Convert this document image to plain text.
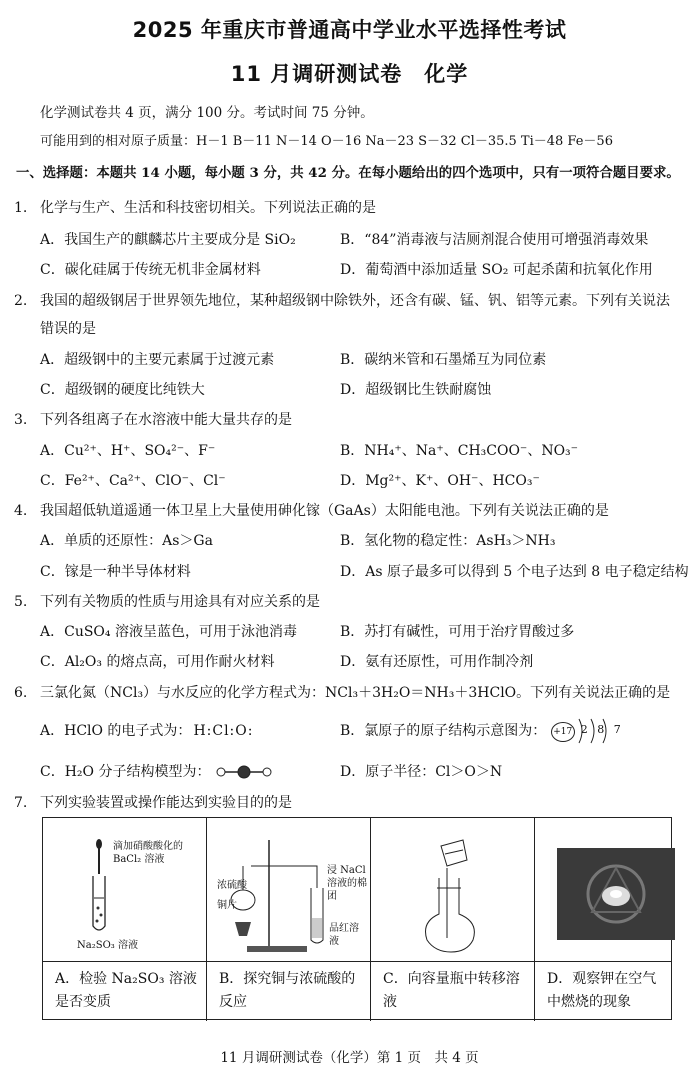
2025 年重庆市普通高中学业水平选择性考试
11 月调研测试卷　化学
化学测试卷共 4 页，满分 100 分。考试时间 75 分钟。
可能用到的相对原子质量：H－1 B－11 N－14 O－16 Na－23 S－32 Cl－35.5 Ti－48 Fe－56
一、选择题：本题共 14 小题，每小题 3 分，共 42 分。在每小题给出的四个选项中，只有一项符合题目要求。
1. 化学与生产、生活和科技密切相关。下列说法正确的是
A．我国生产的麒麟芯片主要成分是 SiO₂	B．“84”消毒液与洁厕剂混合使用可增强消毒效果
C．碳化硅属于传统无机非金属材料	D．葡萄酒中添加适量 SO₂ 可起杀菌和抗氧化作用
2. 我国的超级钢居于世界领先地位，某种超级钢中除铁外，还含有碳、锰、钒、铝等元素。下列有关说法
错误的是
A．超级钢中的主要元素属于过渡元素	B．碳纳米管和石墨烯互为同位素
C．超级钢的硬度比纯铁大	D．超级钢比生铁耐腐蚀
3. 下列各组离子在水溶液中能大量共存的是
A．Cu²⁺、H⁺、SO₄²⁻、F⁻	B．NH₄⁺、Na⁺、CH₃COO⁻、NO₃⁻
C．Fe²⁺、Ca²⁺、ClO⁻、Cl⁻	D．Mg²⁺、K⁺、OH⁻、HCO₃⁻
4. 我国超低轨道遥通一体卫星上大量使用砷化镓（GaAs）太阳能电池。下列有关说法正确的是
A．单质的还原性：As＞Ga	B．氢化物的稳定性：AsH₃＞NH₃
C．镓是一种半导体材料	D．As 原子最多可以得到 5 个电子达到 8 电子稳定结构
5. 下列有关物质的性质与用途具有对应关系的是
A．CuSO₄ 溶液呈蓝色，可用于泳池消毒	B．苏打有碱性，可用于治疗胃酸过多
C．Al₂O₃ 的熔点高，可用作耐火材料	D．氨有还原性，可用作制冷剂
6. 三氯化氮（NCl₃）与水反应的化学方程式为：NCl₃＋3H₂O＝NH₃＋3HClO。下列有关说法正确的是
A．HClO 的电子式为： H:Cl:O:	B．氯原子的原子结构示意图为： +17 2 8 7
C．H₂O 分子结构模型为：	D．原子半径：Cl＞O＞N
7. 下列实验装置或操作能达到实验目的的是
滴加硝酸酸化的 BaCl₂ 溶液
Na₂SO₃ 溶液
A．检验 Na₂SO₃ 溶液是否变质
浓硫酸
铜片
浸 NaCl 溶液的棉团
品红溶液
B．探究铜与浓硫酸的反应
C．向容量瓶中转移溶液
D．观察钾在空气中燃烧的现象
11 月调研测试卷（化学）第 1 页　共 4 页
